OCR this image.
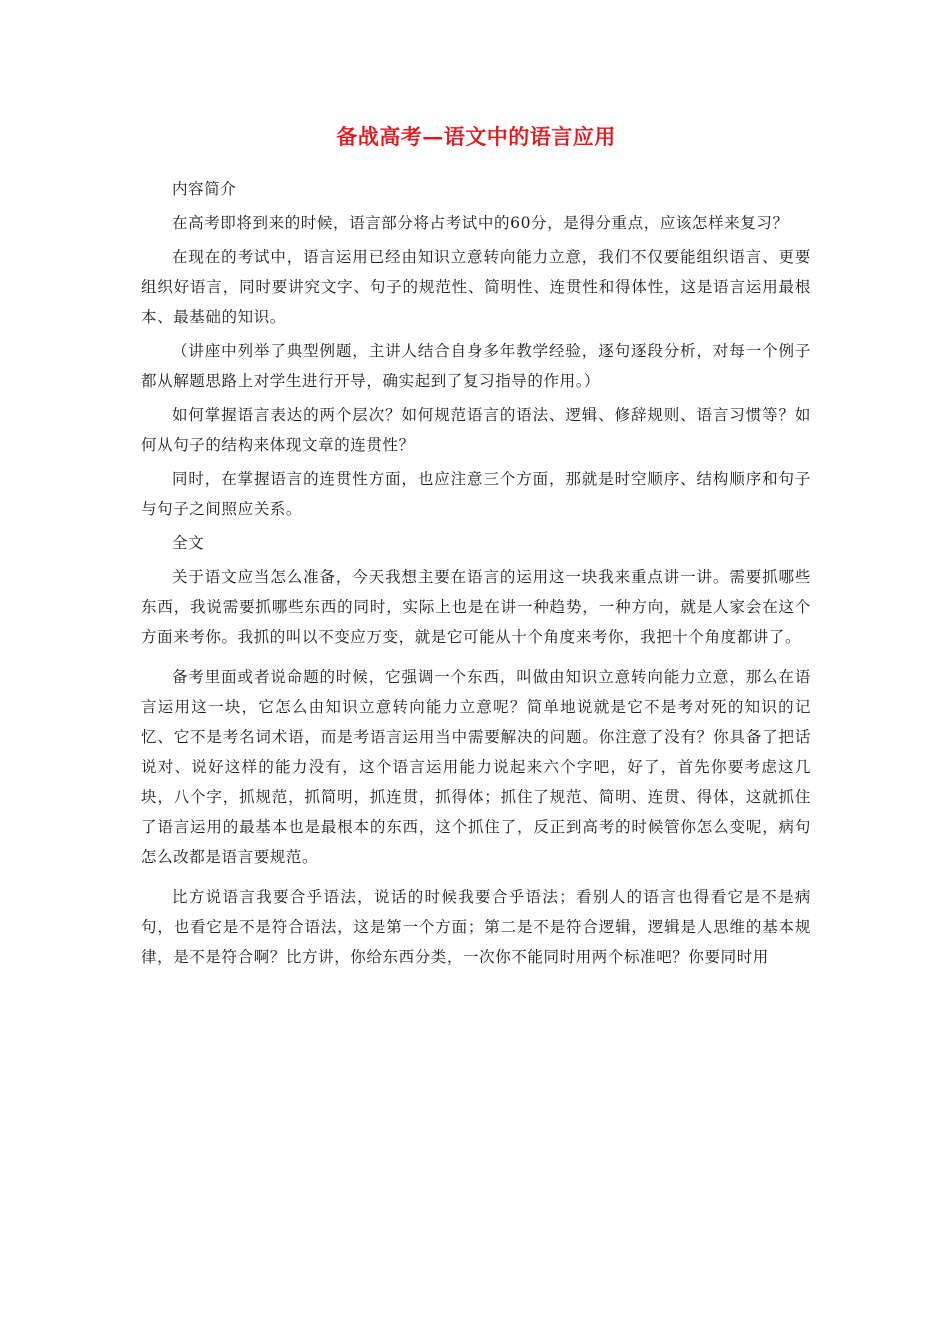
备战高考—语文中的语言应用

内容简介

在高考即将到来的时候，语言部分将占考试中的60分，是得分重点，应该怎样来复习？

在现在的考试中，语言运用已经由知识立意转向能力立意，我们不仅要能组织语言、更要组织好语言，同时要讲究文字、句子的规范性、简明性、连贯性和得体性，这是语言运用最根本、最基础的知识。

（讲座中列举了典型例题，主讲人结合自身多年教学经验，逐句逐段分析，对每一个例子都从解题思路上对学生进行开导，确实起到了复习指导的作用。）

如何掌握语言表达的两个层次？如何规范语言的语法、逻辑、修辞规则、语言习惯等？如何从句子的结构来体现文章的连贯性？

同时，在掌握语言的连贯性方面，也应注意三个方面，那就是时空顺序、结构顺序和句子与句子之间照应关系。

全文

关于语文应当怎么准备，今天我想主要在语言的运用这一块我来重点讲一讲。需要抓哪些东西，我说需要抓哪些东西的同时，实际上也是在讲一种趋势，一种方向，就是人家会在这个方面来考你。我抓的叫以不变应万变，就是它可能从十个角度来考你，我把十个角度都讲了。

备考里面或者说命题的时候，它强调一个东西，叫做由知识立意转向能力立意，那么在语言运用这一块，它怎么由知识立意转向能力立意呢？简单地说就是它不是考对死的知识的记忆、它不是考名词术语，而是考语言运用当中需要解决的问题。你注意了没有？你具备了把话说对、说好这样的能力没有，这个语言运用能力说起来六个字吧，好了，首先你要考虑这几块，八个字，抓规范，抓简明，抓连贯，抓得体；抓住了规范、简明、连贯、得体，这就抓住了语言运用的最基本也是最根本的东西，这个抓住了，反正到高考的时候管你怎么变呢，病句怎么改都是语言要规范。

比方说语言我要合乎语法，说话的时候我要合乎语法；看别人的语言也得看它是不是病句，也看它是不是符合语法，这是第一个方面；第二是不是符合逻辑，逻辑是人思维的基本规律，是不是符合啊？比方讲，你给东西分类，一次你不能同时用两个标准吧？你要同时用
